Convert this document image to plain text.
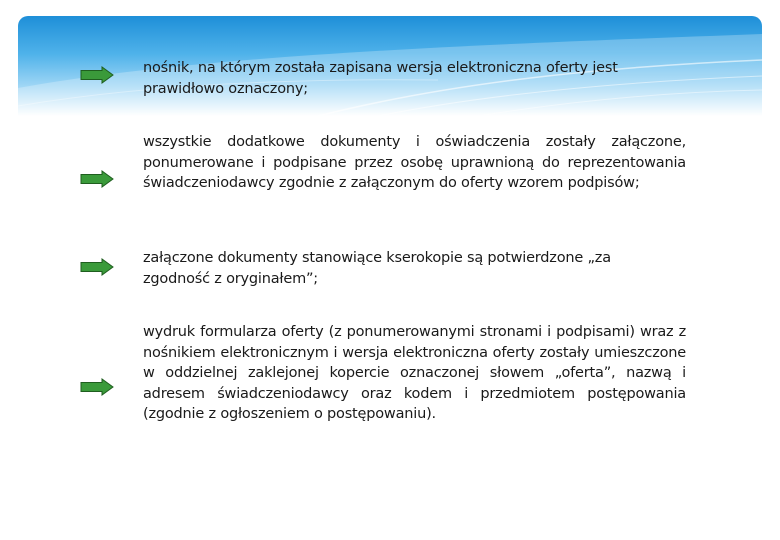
nośnik, na którym została zapisana wersja elektroniczna oferty jest prawidłowo oznaczony;
wszystkie dodatkowe dokumenty i oświadczenia zostały załączone, ponumerowane i podpisane przez osobę uprawnioną do reprezentowania świadczeniodawcy zgodnie z załączonym do oferty wzorem podpisów;
załączone dokumenty stanowiące kserokopie są potwierdzone „za zgodność z oryginałem”;
wydruk formularza oferty (z ponumerowanymi stronami i podpisami) wraz z nośnikiem elektronicznym i wersja elektroniczna oferty zostały umieszczone w oddzielnej zaklejonej kopercie oznaczonej słowem „oferta”, nazwą i adresem świadczeniodawcy oraz kodem i przedmiotem postępowania (zgodnie z ogłoszeniem o postępowaniu).
